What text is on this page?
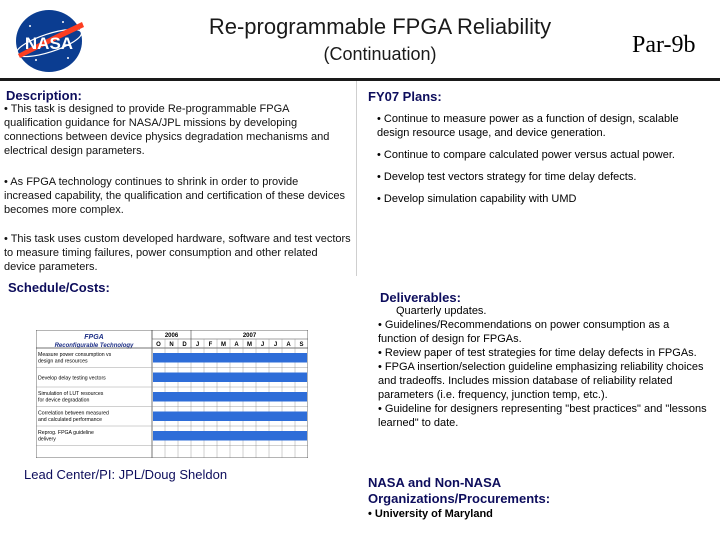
NASA
Re-programmable FPGA Reliability
(Continuation)	Par-9b
Description:
• This task is designed to provide Re-programmable FPGA qualification guidance for NASA/JPL missions by developing connections between device physics degradation mechanisms and electrical design parameters.
• As FPGA technology continues to shrink in order to provide increased capability, the qualification and certification of these devices becomes more complex.
• This task uses custom developed hardware, software and test vectors to measure timing failures, power consumption and other related device parameters.
FY07 Plans:
• Continue to measure power as a function of design, scalable design resource usage, and device generation.
• Continue to compare calculated power versus actual power.
• Develop test vectors strategy for time delay defects.
• Develop simulation capability with UMD
Schedule/Costs:
FPGA
Reconfigurable Technology
2006	2007
O N D J F M A M J J A S
Measure power consumption vs design and resources
Develop delay testing vectors
Simulation of LUT resources for device degradation
Correlation between measured and calculated performance
Reprog. FPGA guideline delivery
Lead Center/PI: JPL/Doug Sheldon
Deliverables:
Quarterly updates.
• Guidelines/Recommendations on power consumption as a function of design for FPGAs.
• Review paper of test strategies for time delay defects in FPGAs.
• FPGA insertion/selection guideline emphasizing reliability choices and tradeoffs. Includes mission database of reliability related parameters (i.e. frequency, junction temp, etc.).
• Guideline for designers representing "best practices" and "lessons learned" to date.
NASA and Non-NASA Organizations/Procurements:
• University of Maryland
